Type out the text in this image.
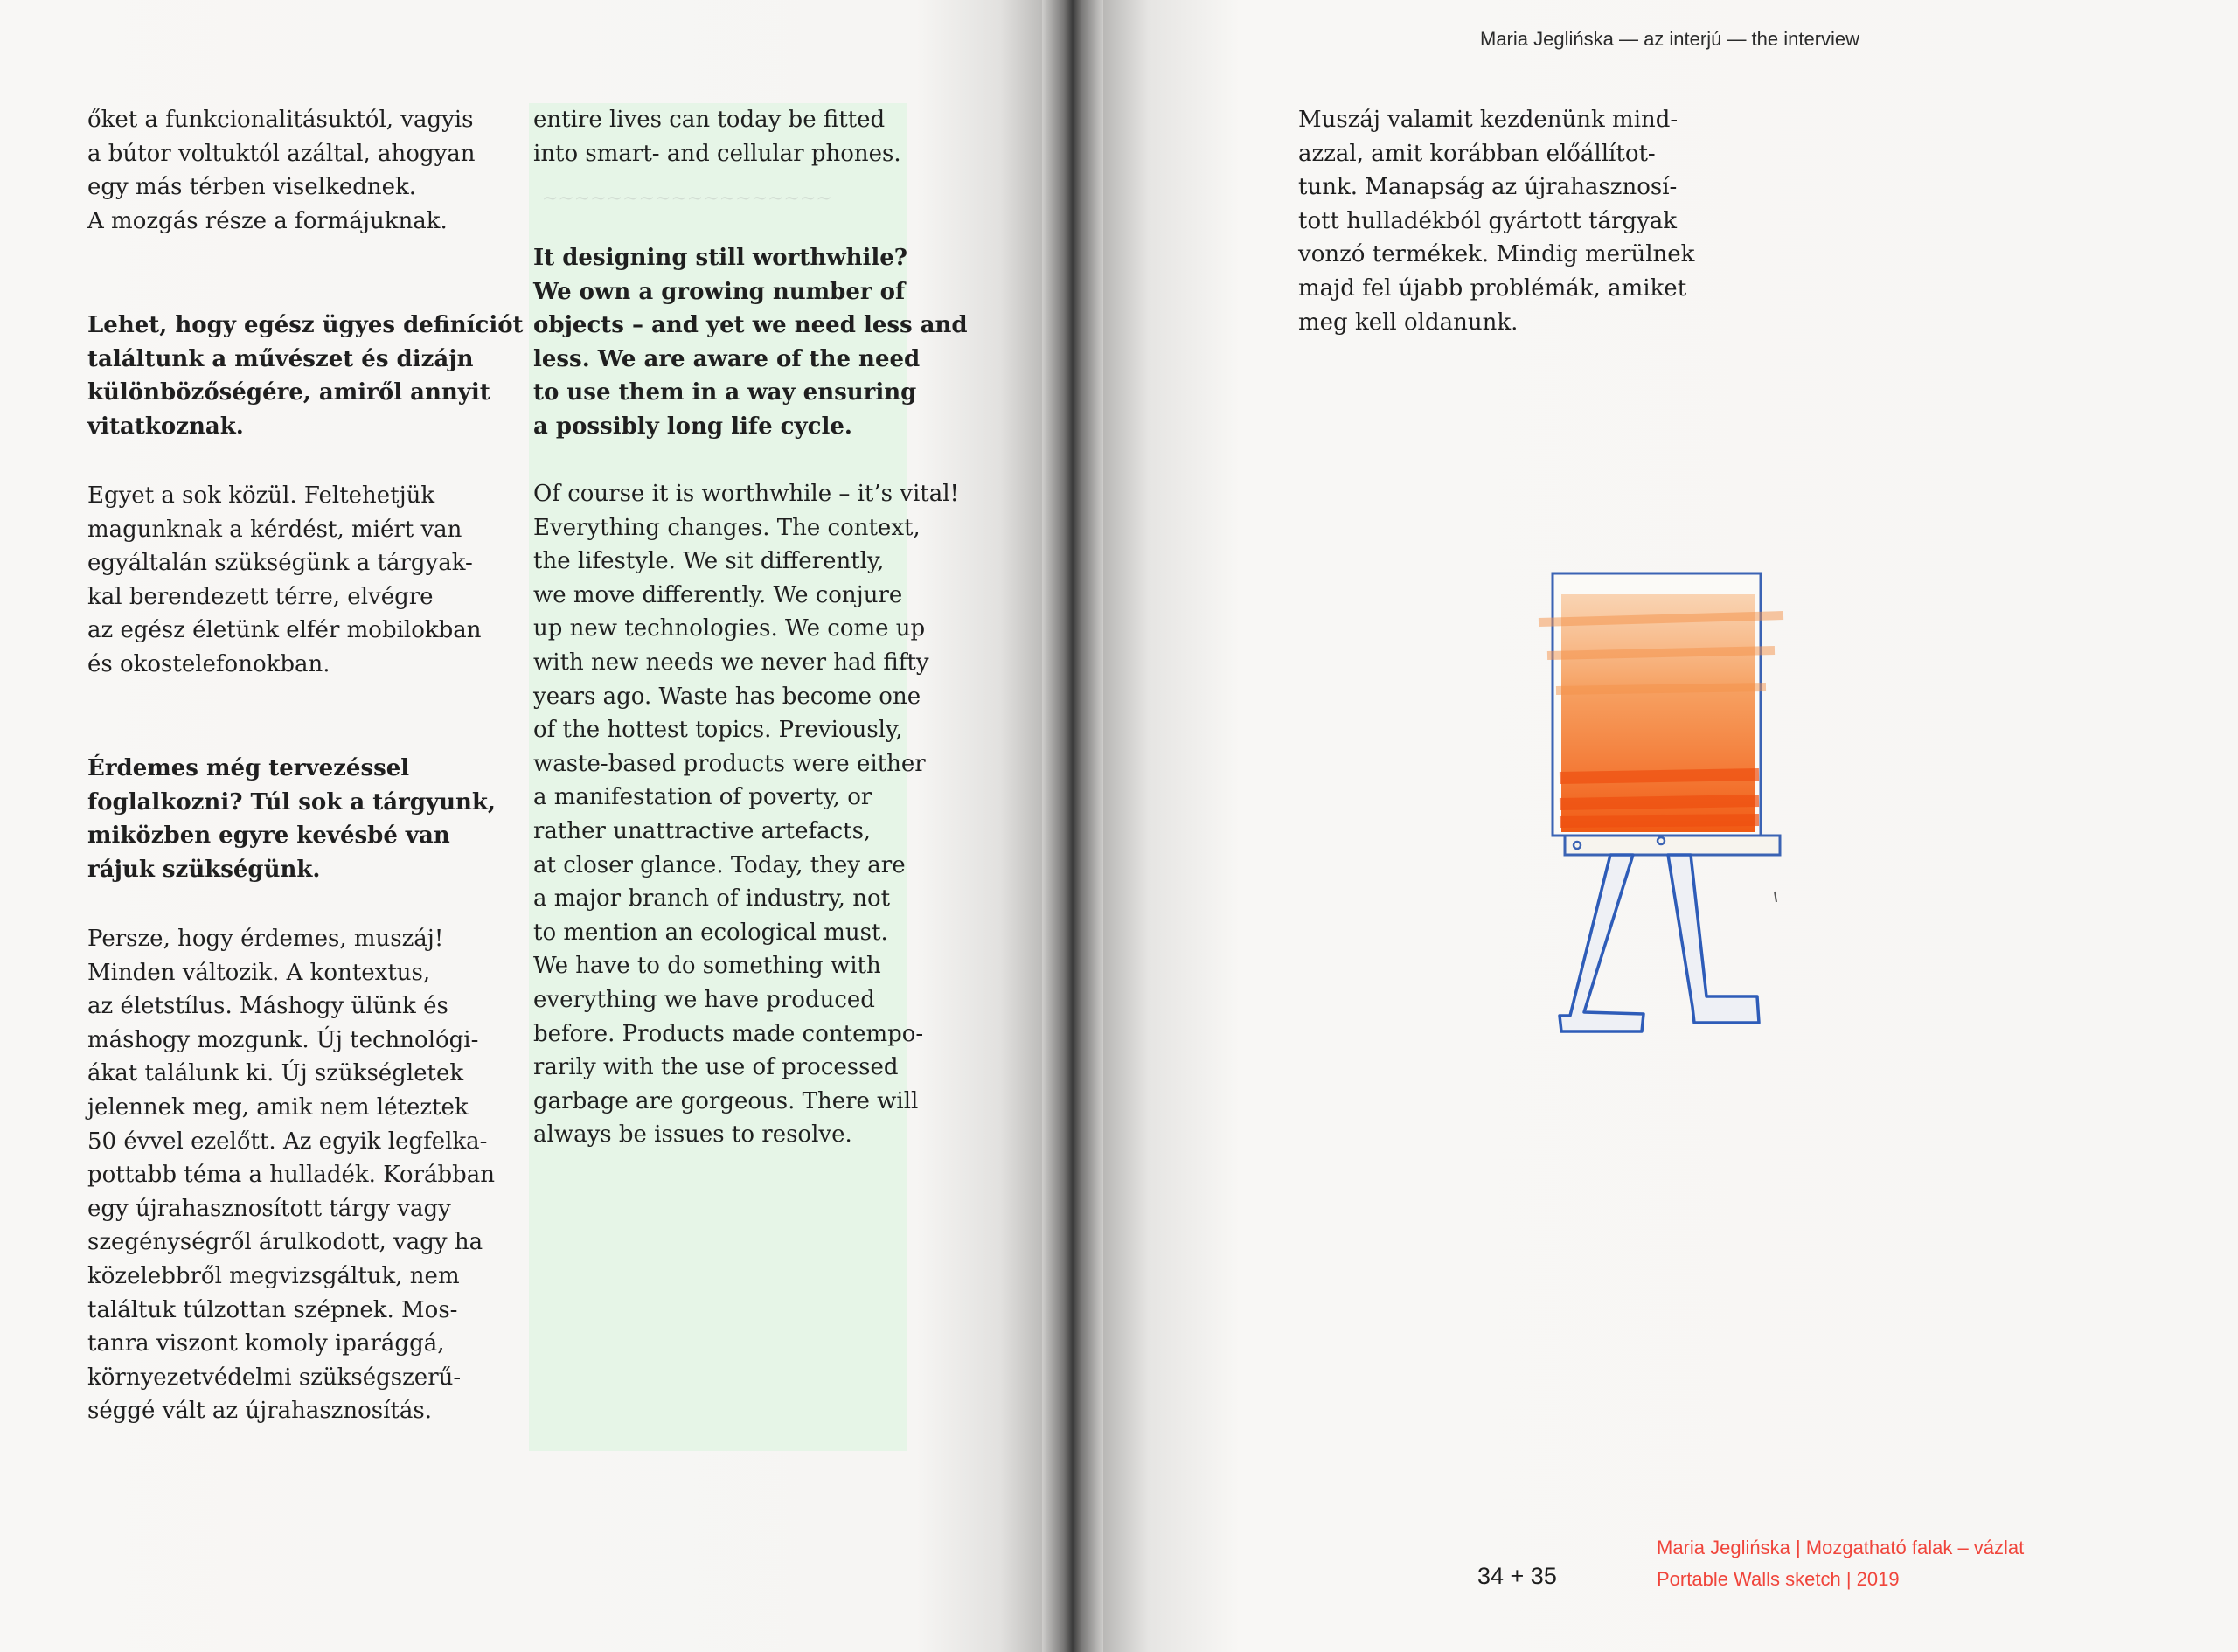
~~~~~~~~~~~~~~~~~~

őket a funkcionalitásuktól, vagyis
a bútor voltuktól azáltal, ahogyan
egy más térben viselkednek.
A mozgás része a formájuknak.

Lehet, hogy egész ügyes definíciót
találtunk a művészet és dizájn
különbözőségére, amiről annyit
vitatkoznak.

Egyet a sok közül. Feltehetjük
magunknak a kérdést, miért van
egyáltalán szükségünk a tárgyak-
kal berendezett térre, elvégre
az egész életünk elfér mobilokban
és okostelefonokban.

Érdemes még tervezéssel
foglalkozni? Túl sok a tárgyunk,
miközben egyre kevésbé van
rájuk szükségünk.

Persze, hogy érdemes, muszáj!
Minden változik. A kontextus,
az életstílus. Máshogy ülünk és
máshogy mozgunk. Új technológi-
ákat találunk ki. Új szükségletek
jelennek meg, amik nem léteztek
50 évvel ezelőtt. Az egyik legfelka-
pottabb téma a hulladék. Korábban
egy újrahasznosított tárgy vagy
szegénységről árulkodott, vagy ha
közelebbről megvizsgáltuk, nem
találtuk túlzottan szépnek. Mos-
tanra viszont komoly iparággá,
környezetvédelmi szükségszerű-
séggé vált az újrahasznosítás.

entire lives can today be fitted
into smart- and cellular phones.

It designing still worthwhile?
We own a growing number of
objects – and yet we need less and
less. We are aware of the need
to use them in a way ensuring
a possibly long life cycle.

Of course it is worthwhile – it’s vital!
Everything changes. The context,
the lifestyle. We sit differently,
we move differently. We conjure
up new technologies. We come up
with new needs we never had fifty
years ago. Waste has become one
of the hottest topics. Previously,
waste-based products were either
a manifestation of poverty, or
rather unattractive artefacts,
at closer glance. Today, they are
a major branch of industry, not
to mention an ecological must.
We have to do something with
everything we have produced
before. Products made contempo-
rarily with the use of processed
garbage are gorgeous. There will
always be issues to resolve.

Maria Jeglińska — az interjú — the interview

Muszáj valamit kezdenünk mind-
azzal, amit korábban előállítot-
tunk. Manapság az újrahasznosí-
tott hulladékból gyártott tárgyak
vonzó termékek. Mindig merülnek
majd fel újabb problémák, amiket
meg kell oldanunk.

34 + 35
Maria Jeglińska | Mozgatható falak – vázlat
Portable Walls sketch | 2019
